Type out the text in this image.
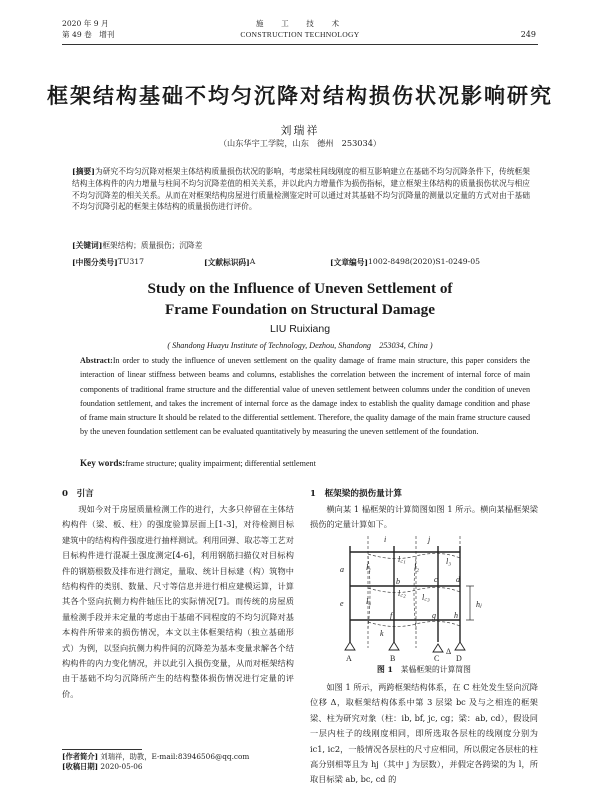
2020 年 9 月
第 49 卷　增刊
施　工　技　术
CONSTRUCTION TECHNOLOGY	249
框架结构基础不均匀沉降对结构损伤状况影响研究
刘瑞祥
（山东华宇工学院，山东　德州　253034）
[摘要]为研究不均匀沉降对框架主体结构质量损伤状况的影响，考虑梁柱间线刚度的相互影响建立在基础不均匀沉降条件下，传统框架结构主体构件的内力增量与柱间不均匀沉降差值的相关关系，并以此内力增量作为损伤指标，建立框架主体结构的质量损伤状况与相应不均匀沉降差的相关关系。从而在对框架结构房屋进行质量检测鉴定时可以通过对其基础不均匀沉降量的测量以定量的方式对由于基础不均匀沉降引起的框架主体结构的质量损伤进行评价。
[关键词]框架结构；质量损伤；沉降差
[中图分类号] TU317	[文献标识码] A	[文章编号] 1002-8498(2020)S1-0249-05
Study on the Influence of Uneven Settlement of
Frame Foundation on Structural Damage
LIU Ruixiang
( Shandong Huayu Institute of Technology, Dezhou, Shandong　253034, China )
Abstract:In order to study the influence of uneven settlement on the quality damage of frame main structure, this paper considers the interaction of linear stiffness between beams and columns, establishes the correlation between the increment of internal force of main components of traditional frame structure and the differential value of uneven settlement between columns under the condition of uneven foundation settlement, and takes the increment of internal force as the damage index to establish the quality damage condition and phase of frame main structure It should be related to the differential settlement. Therefore, the quality damage of the main frame structure caused by the uneven foundation settlement can be evaluated quantitatively by measuring the uneven settlement of the foundation.
Key words:frame structure; quality impairment; differential settlement
0　引言
现如今对于房屋质量检测工作的进行，大多只停留在主体结构构件（梁、板、柱）的强度验算层面上[1-3]，对待检测目标建筑中的结构构件强度进行抽样测试。利用回弹、取芯等工艺对目标构件进行混凝土强度测定[4-6]，利用钢筋扫描仪对目标构件的钢筋根数及排布进行测定，量取、统计目标建（构）筑物中结构构件的类别、数量、尺寸等信息并进行相应建模运算，计算其各个竖向抗侧力构件轴压比的实际情况[7]。而传统的房屋质量检测手段并未定量的考虑由于基础不同程度的不均匀沉降对基本构件所带来的损伤情况，本文以主体框架结构（独立基础形式）为例，以竖向抗侧力构件间的沉降差为基本变量求解各个结构构件的内力变化情况，并以此引入损伤变量，从而对框架结构由于基础不均匀沉降所产生的结构整体损伤情况进行定量的评价。
1　框架梁的损伤量计算
横向某 1 榀框架的计算简图如图 1 所示。横向某榀框架梁损伤的定量计算如下。
i	j
a
b	c d
e
f	g h
k
A	B	C D
l₁	l₂
l₃
l₄
l꜀₁
l꜀₂ l꜀₃
hⱼ
Δ
图 1　 某榀框架的计算简图
如图 1 所示，两跨框架结构体系，在 C 柱处发生竖向沉降位移 Δ，取框架结构体系中第 3 层梁 bc 及与之相连的框架梁、柱为研究对象（柱：ib, bf, jc, cg；梁：ab, cd），假设同一层内柱子的线刚度相同，即所选取各层柱的线刚度分别为 ic1, ic2，一般情况各层柱的尺寸应相同，所以假定各层柱的柱高分别相等且为 hj（其中 j 为层数），并假定各跨梁的为 l，所取目标梁 ab, bc, cd 的
[作者简介] 刘瑞祥，助教，E-mail:83946506@qq.com
[收稿日期] 2020-05-06
